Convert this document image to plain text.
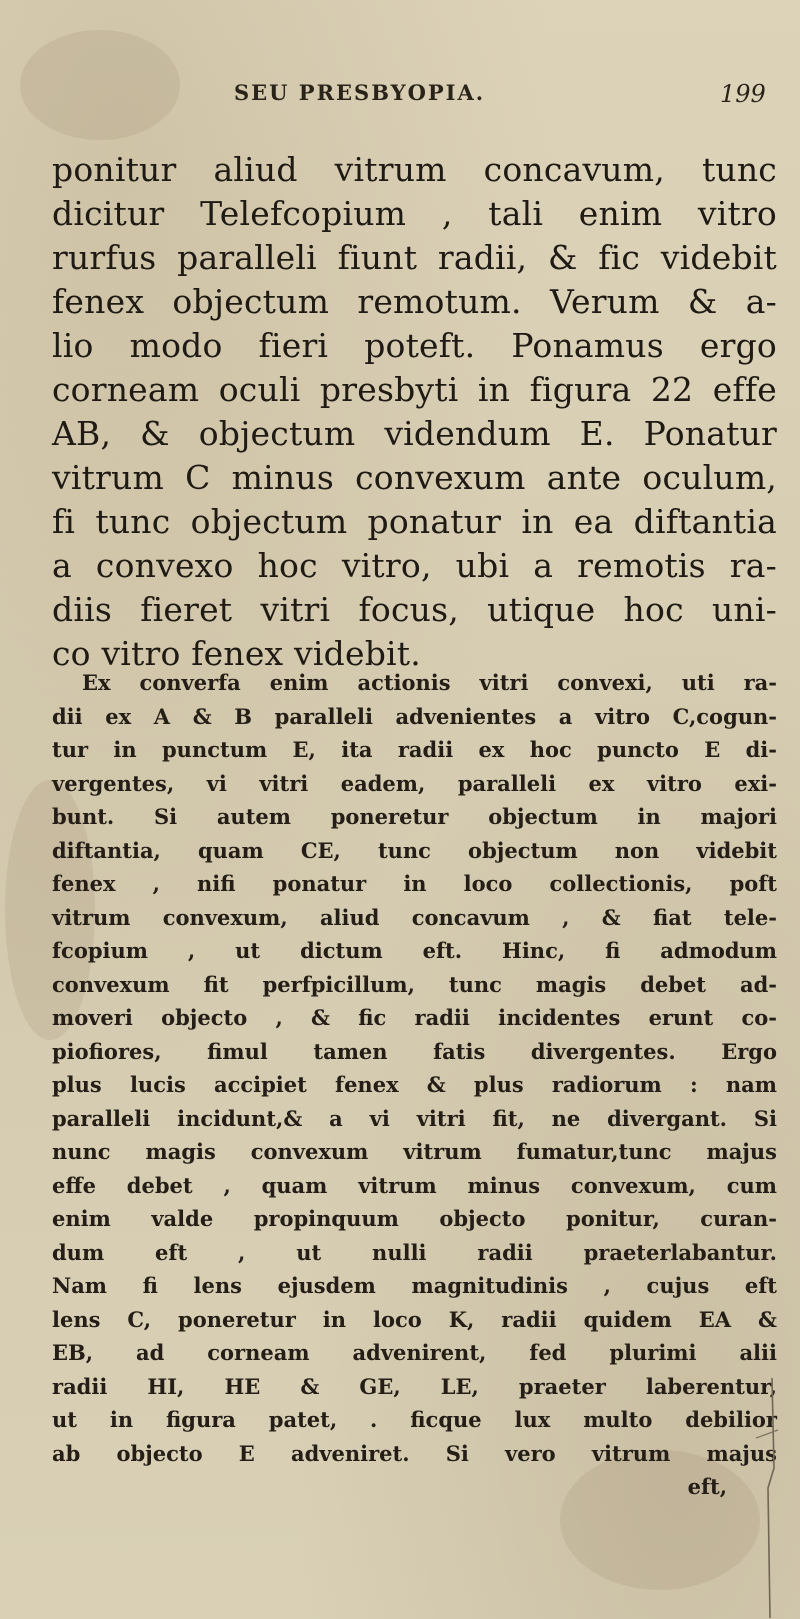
SEU PRESBYOPIA.	199
ponitur aliud vitrum concavum, tunc
dicitur Telefcopium , tali enim vitro
rurfus paralleli fiunt radii, & fic videbit
fenex objectum remotum. Verum & a-
lio modo fieri poteft. Ponamus ergo
corneam oculi presbyti in figura 22 effe
AB, & objectum videndum E. Ponatur
vitrum C minus convexum ante oculum,
fi tunc objectum ponatur in ea diftantia
a convexo hoc vitro, ubi a remotis ra-
diis fieret vitri focus, utique hoc uni-
co vitro fenex videbit.
Ex converfa enim actionis vitri convexi, uti ra-
dii ex A & B paralleli advenientes a vitro C,cogun-
tur in punctum E, ita radii ex hoc puncto E di-
vergentes, vi vitri eadem, paralleli ex vitro exi-
bunt. Si autem poneretur objectum in majori
diftantia, quam CE, tunc objectum non videbit
fenex , nifi ponatur in loco collectionis, poft
vitrum convexum, aliud concavum , & fiat tele-
fcopium , ut dictum eft. Hinc, fi admodum
convexum fit perfpicillum, tunc magis debet ad-
moveri objecto , & fic radii incidentes erunt co-
piofiores, fimul tamen fatis divergentes. Ergo
plus lucis accipiet fenex & plus radiorum : nam
paralleli incidunt,& a vi vitri fit, ne divergant. Si
nunc magis convexum vitrum fumatur,tunc majus
effe debet , quam vitrum minus convexum, cum
enim valde propinquum objecto ponitur, curan-
dum eft , ut nulli radii praeterlabantur.
Nam fi lens ejusdem magnitudinis , cujus eft
lens C, poneretur in loco K, radii quidem EA &
EB, ad corneam advenirent, fed plurimi alii
radii HI, HE & GE, LE, praeter laberentur,
ut in figura patet, . ficque lux multo debilior
ab objecto E adveniret. Si vero vitrum majus
eft,
